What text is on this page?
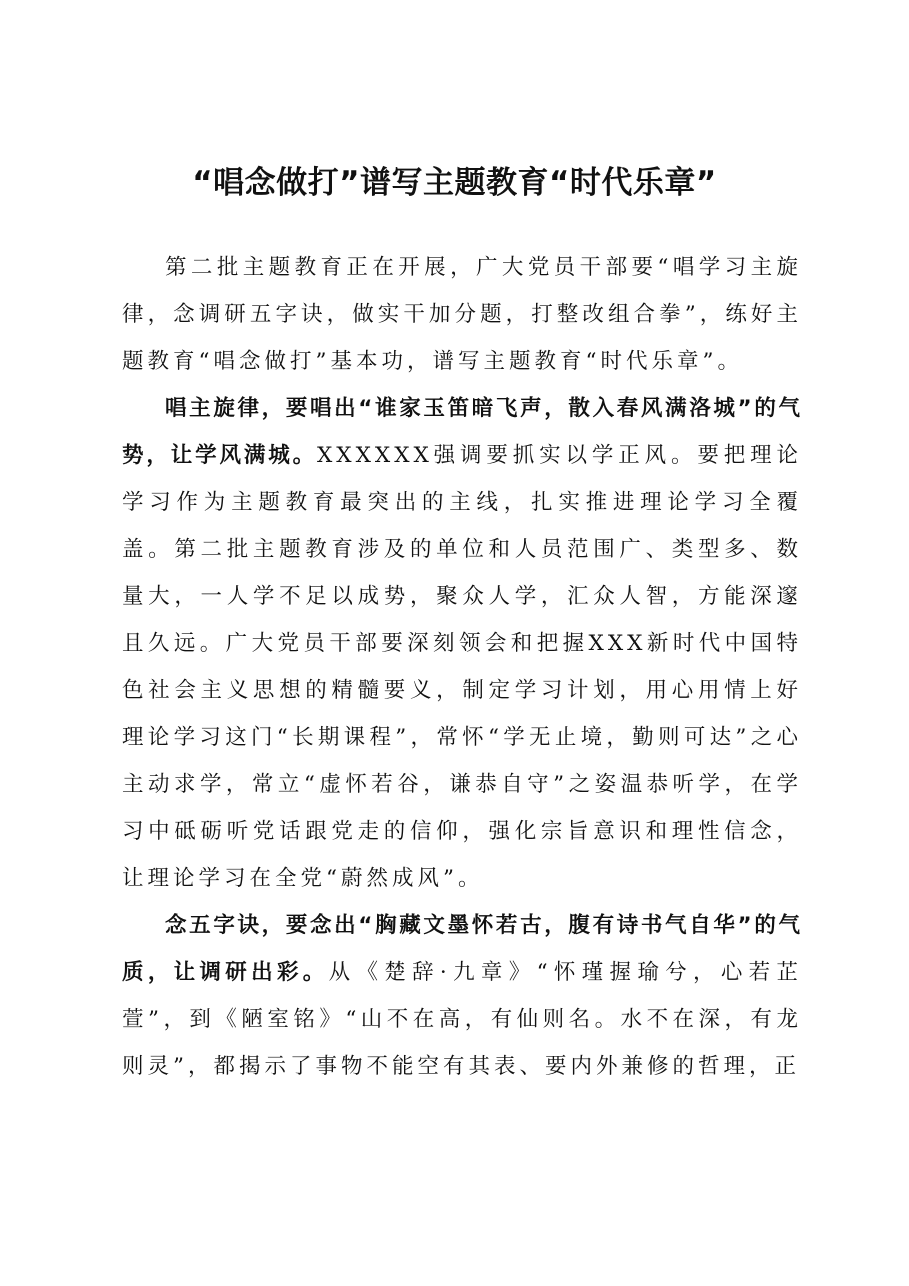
“唱念做打”谱写主题教育“时代乐章”

第二批主题教育正在开展，广大党员干部要“唱学习主旋律，念调研五字诀，做实干加分题，打整改组合拳”，练好主题教育“唱念做打”基本功，谱写主题教育“时代乐章”。

唱主旋律，要唱出“谁家玉笛暗飞声，散入春风满洛城”的气势，让学风满城。XXXXXX强调要抓实以学正风。要把理论学习作为主题教育最突出的主线，扎实推进理论学习全覆盖。第二批主题教育涉及的单位和人员范围广、类型多、数量大，一人学不足以成势，聚众人学，汇众人智，方能深邃且久远。广大党员干部要深刻领会和把握XXX新时代中国特色社会主义思想的精髓要义，制定学习计划，用心用情上好理论学习这门“长期课程”，常怀“学无止境，勤则可达”之心主动求学，常立“虚怀若谷，谦恭自守”之姿温恭听学，在学习中砥砺听党话跟党走的信仰，强化宗旨意识和理性信念，让理论学习在全党“蔚然成风”。

念五字诀，要念出“胸藏文墨怀若古，腹有诗书气自华”的气质，让调研出彩。从《楚辞·九章》“怀瑾握瑜兮，心若芷萱”，到《陋室铭》“山不在高，有仙则名。水不在深，有龙则灵”，都揭示了事物不能空有其表、要内外兼修的哲理，正
